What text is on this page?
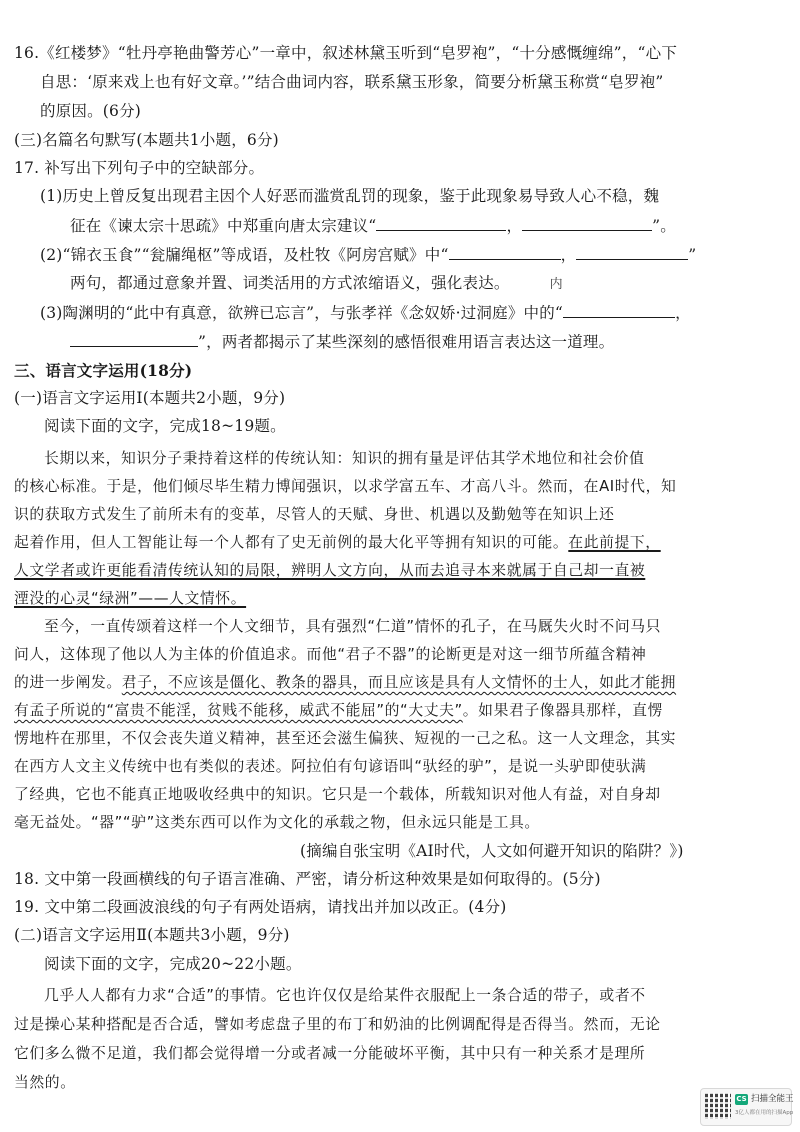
16.《红楼梦》“牡丹亭艳曲警芳心”一章中，叙述林黛玉听到“皂罗袍”，“十分感慨缠绵”，“心下
自思：‘原来戏上也有好文章。’”结合曲词内容，联系黛玉形象，简要分析黛玉称赏“皂罗袍”
的原因。(6分)
(三)名篇名句默写(本题共1小题，6分)
17. 补写出下列句子中的空缺部分。
(1)历史上曾反复出现君主因个人好恶而滥赏乱罚的现象，鉴于此现象易导致人心不稳，魏
征在《谏太宗十思疏》中郑重向唐太宗建议“	，	”。
(2)“锦衣玉食”“瓮牖绳枢”等成语，及杜牧《阿房宫赋》中“	，	”
两句，都通过意象并置、词类活用的方式浓缩语义，强化表达。	内
(3)陶渊明的“此中有真意，欲辨已忘言”，与张孝祥《念奴娇·过洞庭》中的“	，
”，两者都揭示了某些深刻的感悟很难用语言表达这一道理。
三、语言文字运用(18分)
(一)语言文字运用Ⅰ(本题共2小题，9分)
阅读下面的文字，完成18~19题。
长期以来，知识分子秉持着这样的传统认知：知识的拥有量是评估其学术地位和社会价值
的核心标准。于是，他们倾尽毕生精力博闻强识，以求学富五车、才高八斗。然而，在AI时代，知
识的获取方式发生了前所未有的变革，尽管人的天赋、身世、机遇以及勤勉等在知识上还
起着作用，但人工智能让每一个人都有了史无前例的最大化平等拥有知识的可能。在此前提下，
人文学者或许更能看清传统认知的局限，辨明人文方向，从而去追寻本来就属于自己却一直被
湮没的心灵“绿洲”——人文情怀。
至今，一直传颂着这样一个人文细节，具有强烈“仁道”情怀的孔子，在马厩失火时不问马只
问人，这体现了他以人为主体的价值追求。而他“君子不器”的论断更是对这一细节所蕴含精神
的进一步阐发。君子，不应该是僵化、教条的器具，而且应该是具有人文情怀的士人，如此才能拥
有孟子所说的“富贵不能淫，贫贱不能移，威武不能屈”的“大丈夫”。如果君子像器具那样，直愣
愣地杵在那里，不仅会丧失道义精神，甚至还会滋生偏狭、短视的一己之私。这一人文理念，其实
在西方人文主义传统中也有类似的表述。阿拉伯有句谚语叫“驮经的驴”，是说一头驴即使驮满
了经典，它也不能真正地吸收经典中的知识。它只是一个载体，所载知识对他人有益，对自身却
毫无益处。“器”“驴”这类东西可以作为文化的承载之物，但永远只能是工具。
(摘编自张宝明《AI时代，人文如何避开知识的陷阱？》)
18. 文中第一段画横线的句子语言准确、严密，请分析这种效果是如何取得的。(5分)
19. 文中第二段画波浪线的句子有两处语病，请找出并加以改正。(4分)
(二)语言文字运用Ⅱ(本题共3小题，9分)
阅读下面的文字，完成20~22小题。
几乎人人都有力求“合适”的事情。它也许仅仅是给某件衣服配上一条合适的带子，或者不
过是操心某种搭配是否合适，譬如考虑盘子里的布丁和奶油的比例调配得是否得当。然而，无论
它们多么微不足道，我们都会觉得增一分或者减一分能破坏平衡，其中只有一种关系才是理所
当然的。
CS 扫描全能王
3亿人都在用的扫描App
